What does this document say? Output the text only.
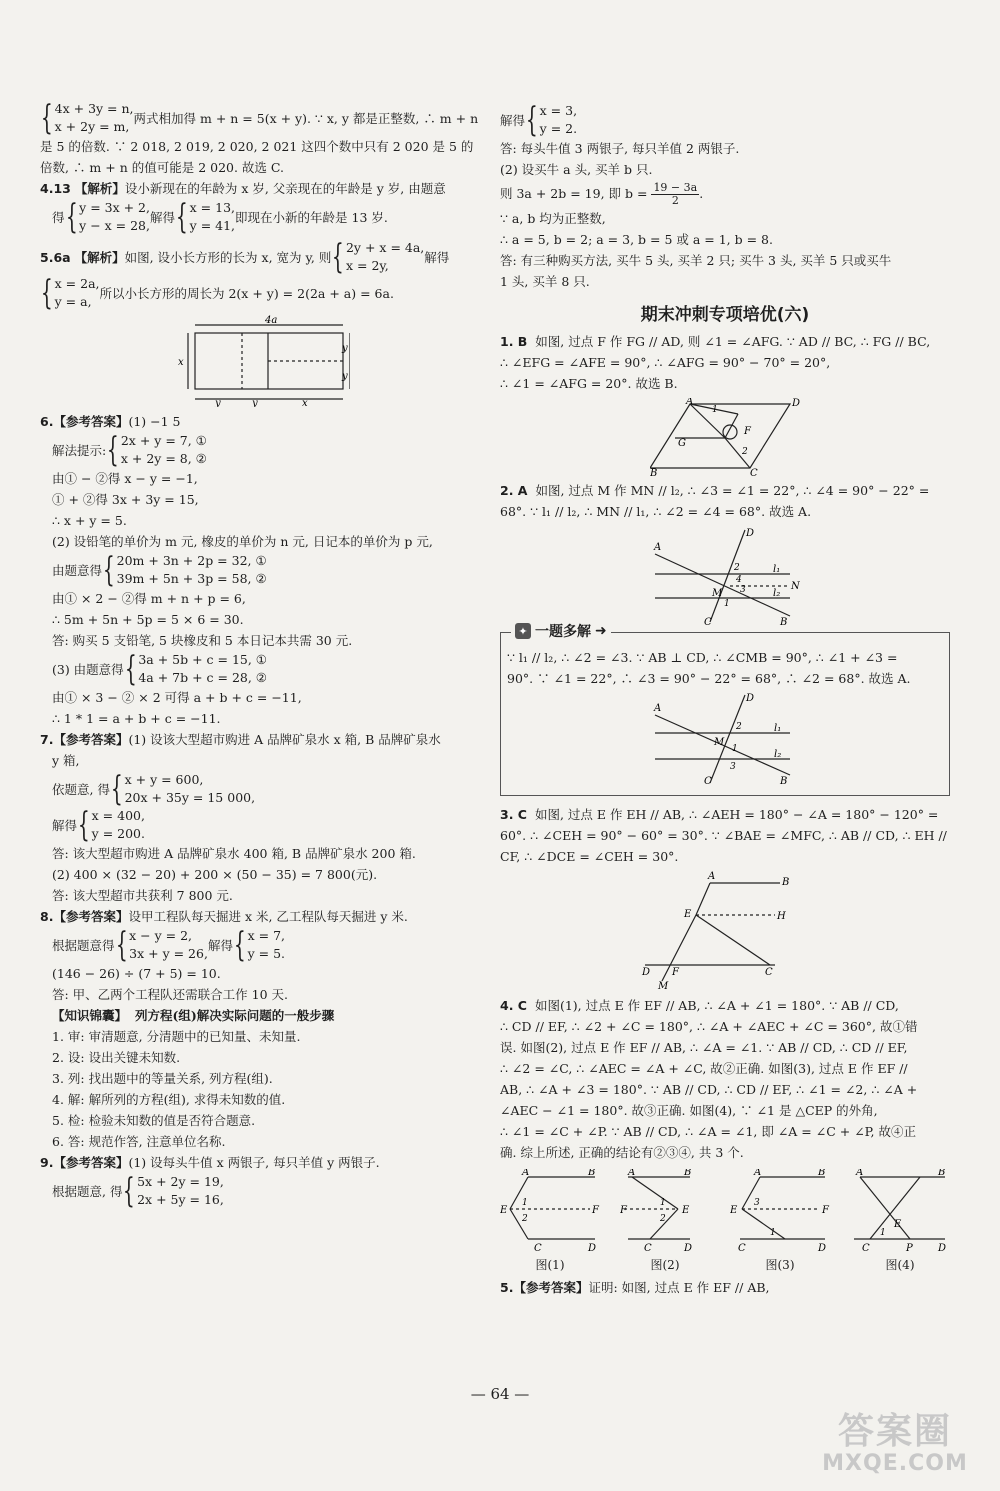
{ 4x + 3y = n,
x + 2y = m,
两式相加得 m + n = 5(x + y). ∵ x, y 都是正整数, ∴ m + n
是 5 的倍数. ∵ 2 018, 2 019, 2 020, 2 021 这四个数中只有 2 020 是 5 的
倍数, ∴ m + n 的值可能是 2 020. 故选 C.
4.13 【解析】设小新现在的年龄为 x 岁, 父亲现在的年龄是 y 岁, 由题意
得 { y = 3x + 2,
y − x = 28,
解得 { x = 13,
y = 41,
即现在小新的年龄是 13 岁.
5. 6a
【解析】 如图, 设小长方形的长为 x, 宽为 y, 则 { 2y + x = 4a,
x = 2y,
解得
{ x = 2a,
y = a,
所以小长方形的周长为 2(x + y) = 2(2a + a) = 6a.
4a
x
y
y
y	y	x
6.【参考答案】(1) −1 5
解法提示: { 2x + y = 7, ①
x + 2y = 8, ②
由① − ②得 x − y = −1,
① + ②得 3x + 3y = 15,
∴ x + y = 5.
(2) 设铅笔的单价为 m 元, 橡皮的单价为 n 元, 日记本的单价为 p 元,
由题意得 { 20m + 3n + 2p = 32, ①
39m + 5n + 3p = 58, ②
由① × 2 − ②得 m + n + p = 6,
∴ 5m + 5n + 5p = 5 × 6 = 30.
答: 购买 5 支铅笔, 5 块橡皮和 5 本日记本共需 30 元.
(3) 由题意得 { 3a + 5b + c = 15, ①
4a + 7b + c = 28, ②
由① × 3 − ② × 2 可得 a + b + c = −11,
∴ 1 * 1 = a + b + c = −11.
7.【参考答案】(1) 设该大型超市购进 A 品牌矿泉水 x 箱, B 品牌矿泉水
y 箱,
依题意, 得 { x + y = 600,
20x + 35y = 15 000,
解得 { x = 400,
y = 200.
答: 该大型超市购进 A 品牌矿泉水 400 箱, B 品牌矿泉水 200 箱.
(2) 400 × (32 − 20) + 200 × (50 − 35) = 7 800(元).
答: 该大型超市共获利 7 800 元.
8.【参考答案】设甲工程队每天掘进 x 米, 乙工程队每天掘进 y 米.
根据题意得 { x − y = 2,
3x + y = 26,
解得 { x = 7,
y = 5.
(146 − 26) ÷ (7 + 5) = 10.
答: 甲、乙两个工程队还需联合工作 10 天.
【知识锦囊】 列方程(组)解决实际问题的一般步骤
1. 审: 审清题意, 分清题中的已知量、未知量.
2. 设: 设出关键未知数.
3. 列: 找出题中的等量关系, 列方程(组).
4. 解: 解所列的方程(组), 求得未知数的值.
5. 检: 检验未知数的值是否符合题意.
6. 答: 规范作答, 注意单位名称.
9.【参考答案】(1) 设每头牛值 x 两银子, 每只羊值 y 两银子.
根据题意, 得 { 5x + 2y = 19,
2x + 5y = 16,
解得 { x = 3,
y = 2.
答: 每头牛值 3 两银子, 每只羊值 2 两银子.
(2) 设买牛 a 头, 买羊 b 只.
则 3a + 2b = 19, 即 $b = \frac{19 - 3a}{2}$ .
∵ a, b 均为正整数,
∴ a = 5, b = 2; a = 3, b = 5 或 a = 1, b = 8.
答: 有三种购买方法, 买牛 5 头, 买羊 2 只; 买牛 3 头, 买羊 5 只或买牛
1 头, 买羊 8 只.
期末冲刺专项培优(六)
1. B 如图, 过点 F 作 FG // AD, 则 ∠1 = ∠AFG. ∵ AD // BC, ∴ FG // BC,
∴ ∠EFG = ∠AFE = 90°, ∴ ∠AFG = 90° − 70° = 20°,
∴ ∠1 = ∠AFG = 20°. 故选 B.
A	D
B	C
F
G
1
2
2. A 如图, 过点 M 作 MN // l₂, ∴ ∠3 = ∠1 = 22°, ∴ ∠4 = 90° − 22° =
68°. ∵ l₁ // l₂, ∴ MN // l₁, ∴ ∠2 = ∠4 = 68°. 故选 A.
A
D
l₁
l₂
N
M
B
C
2
4
3
1
✦ 一题多解 ➜
∵ l₁ // l₂, ∴ ∠2 = ∠3. ∵ AB ⊥ CD, ∴ ∠CMB = 90°, ∴ ∠1 + ∠3 =
90°. ∵ ∠1 = 22°, ∴ ∠3 = 90° − 22° = 68°, ∴ ∠2 = 68°. 故选 A.
A
D
l₁
l₂
M
B
C
2
1
3
3. C 如图, 过点 E 作 EH // AB, ∴ ∠AEH = 180° − ∠A = 180° − 120° =
60°. ∴ ∠CEH = 90° − 60° = 30°. ∵ ∠BAE = ∠MFC, ∴ AB // CD, ∴ EH //
CF, ∴ ∠DCE = ∠CEH = 30°.
A
B
E	H
D F	C
M
4. C 如图(1), 过点 E 作 EF // AB, ∴ ∠A + ∠1 = 180°. ∵ AB // CD,
∴ CD // EF, ∴ ∠2 + ∠C = 180°, ∴ ∠A + ∠AEC + ∠C = 360°, 故①错
误. 如图(2), 过点 E 作 EF // AB, ∴ ∠A = ∠1. ∵ AB // CD, ∴ CD // EF,
∴ ∠2 = ∠C, ∴ ∠AEC = ∠A + ∠C, 故②正确. 如图(3), 过点 E 作 EF //
AB, ∴ ∠A + ∠3 = 180°. ∵ AB // CD, ∴ CD // EF, ∴ ∠1 = ∠2, ∴ ∠A +
∠AEC − ∠1 = 180°. 故③正确. 如图(4), ∵ ∠1 是 △CEP 的外角,
∴ ∠1 = ∠C + ∠P. ∵ AB // CD, ∴ ∠A = ∠1, 即 ∠A = ∠C + ∠P, 故④正
确. 综上所述, 正确的结论有②③④, 共 3 个.
A	B
E	F
C	D
1
2
图(1)
A	B
E
F
C	D
1
2
图(2)
A	B
E	F
C	D
3
1
图(3)
A	B
E
P
C	D
1
图(4)
5.【参考答案】证明: 如图, 过点 E 作 EF // AB,
— 64 —
答案圈
MXQE.COM
